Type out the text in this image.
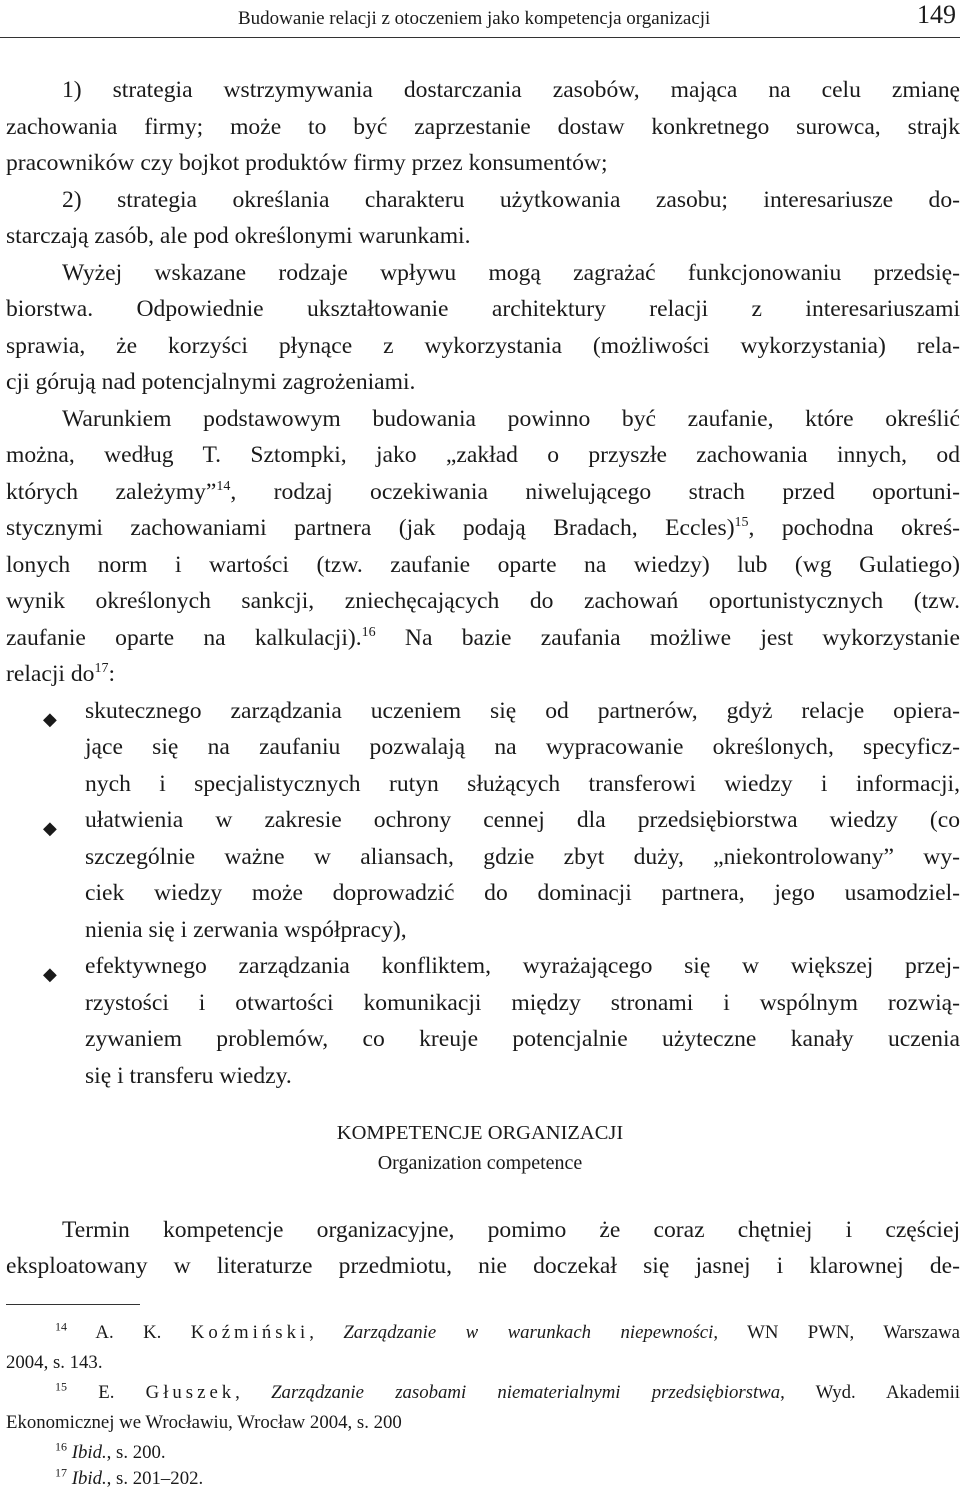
Budowanie relacji z otoczeniem jako kompetencja organizacji	149
1) strategia wstrzymywania dostarczania zasobów, mająca na celu zmianę
zachowania firmy; może to być zaprzestanie dostaw konkretnego surowca, strajk
pracowników czy bojkot produktów firmy przez konsumentów;
2) strategia określania charakteru użytkowania zasobu; interesariusze do-
starczają zasób, ale pod określonymi warunkami.
Wyżej wskazane rodzaje wpływu mogą zagrażać funkcjonowaniu przedsię-
biorstwa. Odpowiednie ukształtowanie architektury relacji z interesariuszami
sprawia, że korzyści płynące z wykorzystania (możliwości wykorzystania) rela-
cji górują nad potencjalnymi zagrożeniami.
Warunkiem podstawowym budowania powinno być zaufanie, które określić
można, według T. Sztompki, jako „zakład o przyszłe zachowania innych, od
których zależymy”$^{14}$, rodzaj oczekiwania niwelującego strach przed oportuni-
stycznymi zachowaniami partnera (jak podają Bradach, Eccles)$^{15}$, pochodna okreś-
lonych norm i wartości (tzw. zaufanie oparte na wiedzy) lub (wg Gulatiego)
wynik określonych sankcji, zniechęcających do zachowań oportunistycznych (tzw.
zaufanie oparte na kalkulacji).$^{16}$ Na bazie zaufania możliwe jest wykorzystanie
relacji $do^{17}$:
◆	skutecznego zarządzania uczeniem się od partnerów, gdyż relacje opiera-
jące się na zaufaniu pozwalają na wypracowanie określonych, specyficz-
nych i specjalistycznych rutyn służących transferowi wiedzy i informacji,
◆	ułatwienia w zakresie ochrony cennej dla przedsiębiorstwa wiedzy (co
szczególnie ważne w aliansach, gdzie zbyt duży, „niekontrolowany” wy-
ciek wiedzy może doprowadzić do dominacji partnera, jego usamodziel-
nienia się i zerwania współpracy),
◆	efektywnego zarządzania konfliktem, wyrażającego się w większej przej-
rzystości i otwartości komunikacji między stronami i wspólnym rozwią-
zywaniem problemów, co kreuje potencjalnie użyteczne kanały uczenia
się i transferu wiedzy.
KOMPETENCJE ORGANIZACJI
Organization competence
Termin kompetencje organizacyjne, pomimo że coraz chętniej i częściej
eksploatowany w literaturze przedmiotu, nie doczekał się jasnej i klarownej de-
$^{14}$ A. K. Koźmiński, Zarządzanie w warunkach niepewności, WN PWN, Warszawa
2004, s. 143.
$^{15}$ E. Głuszek, Zarządzanie zasobami niematerialnymi przedsiębiorstwa, Wyd. Akademii
Ekonomicznej we Wrocławiu, Wrocław 2004, s. 200
$^{16}$ Ibid., s. 200.
$^{17}$ Ibid., s. 201–202.
